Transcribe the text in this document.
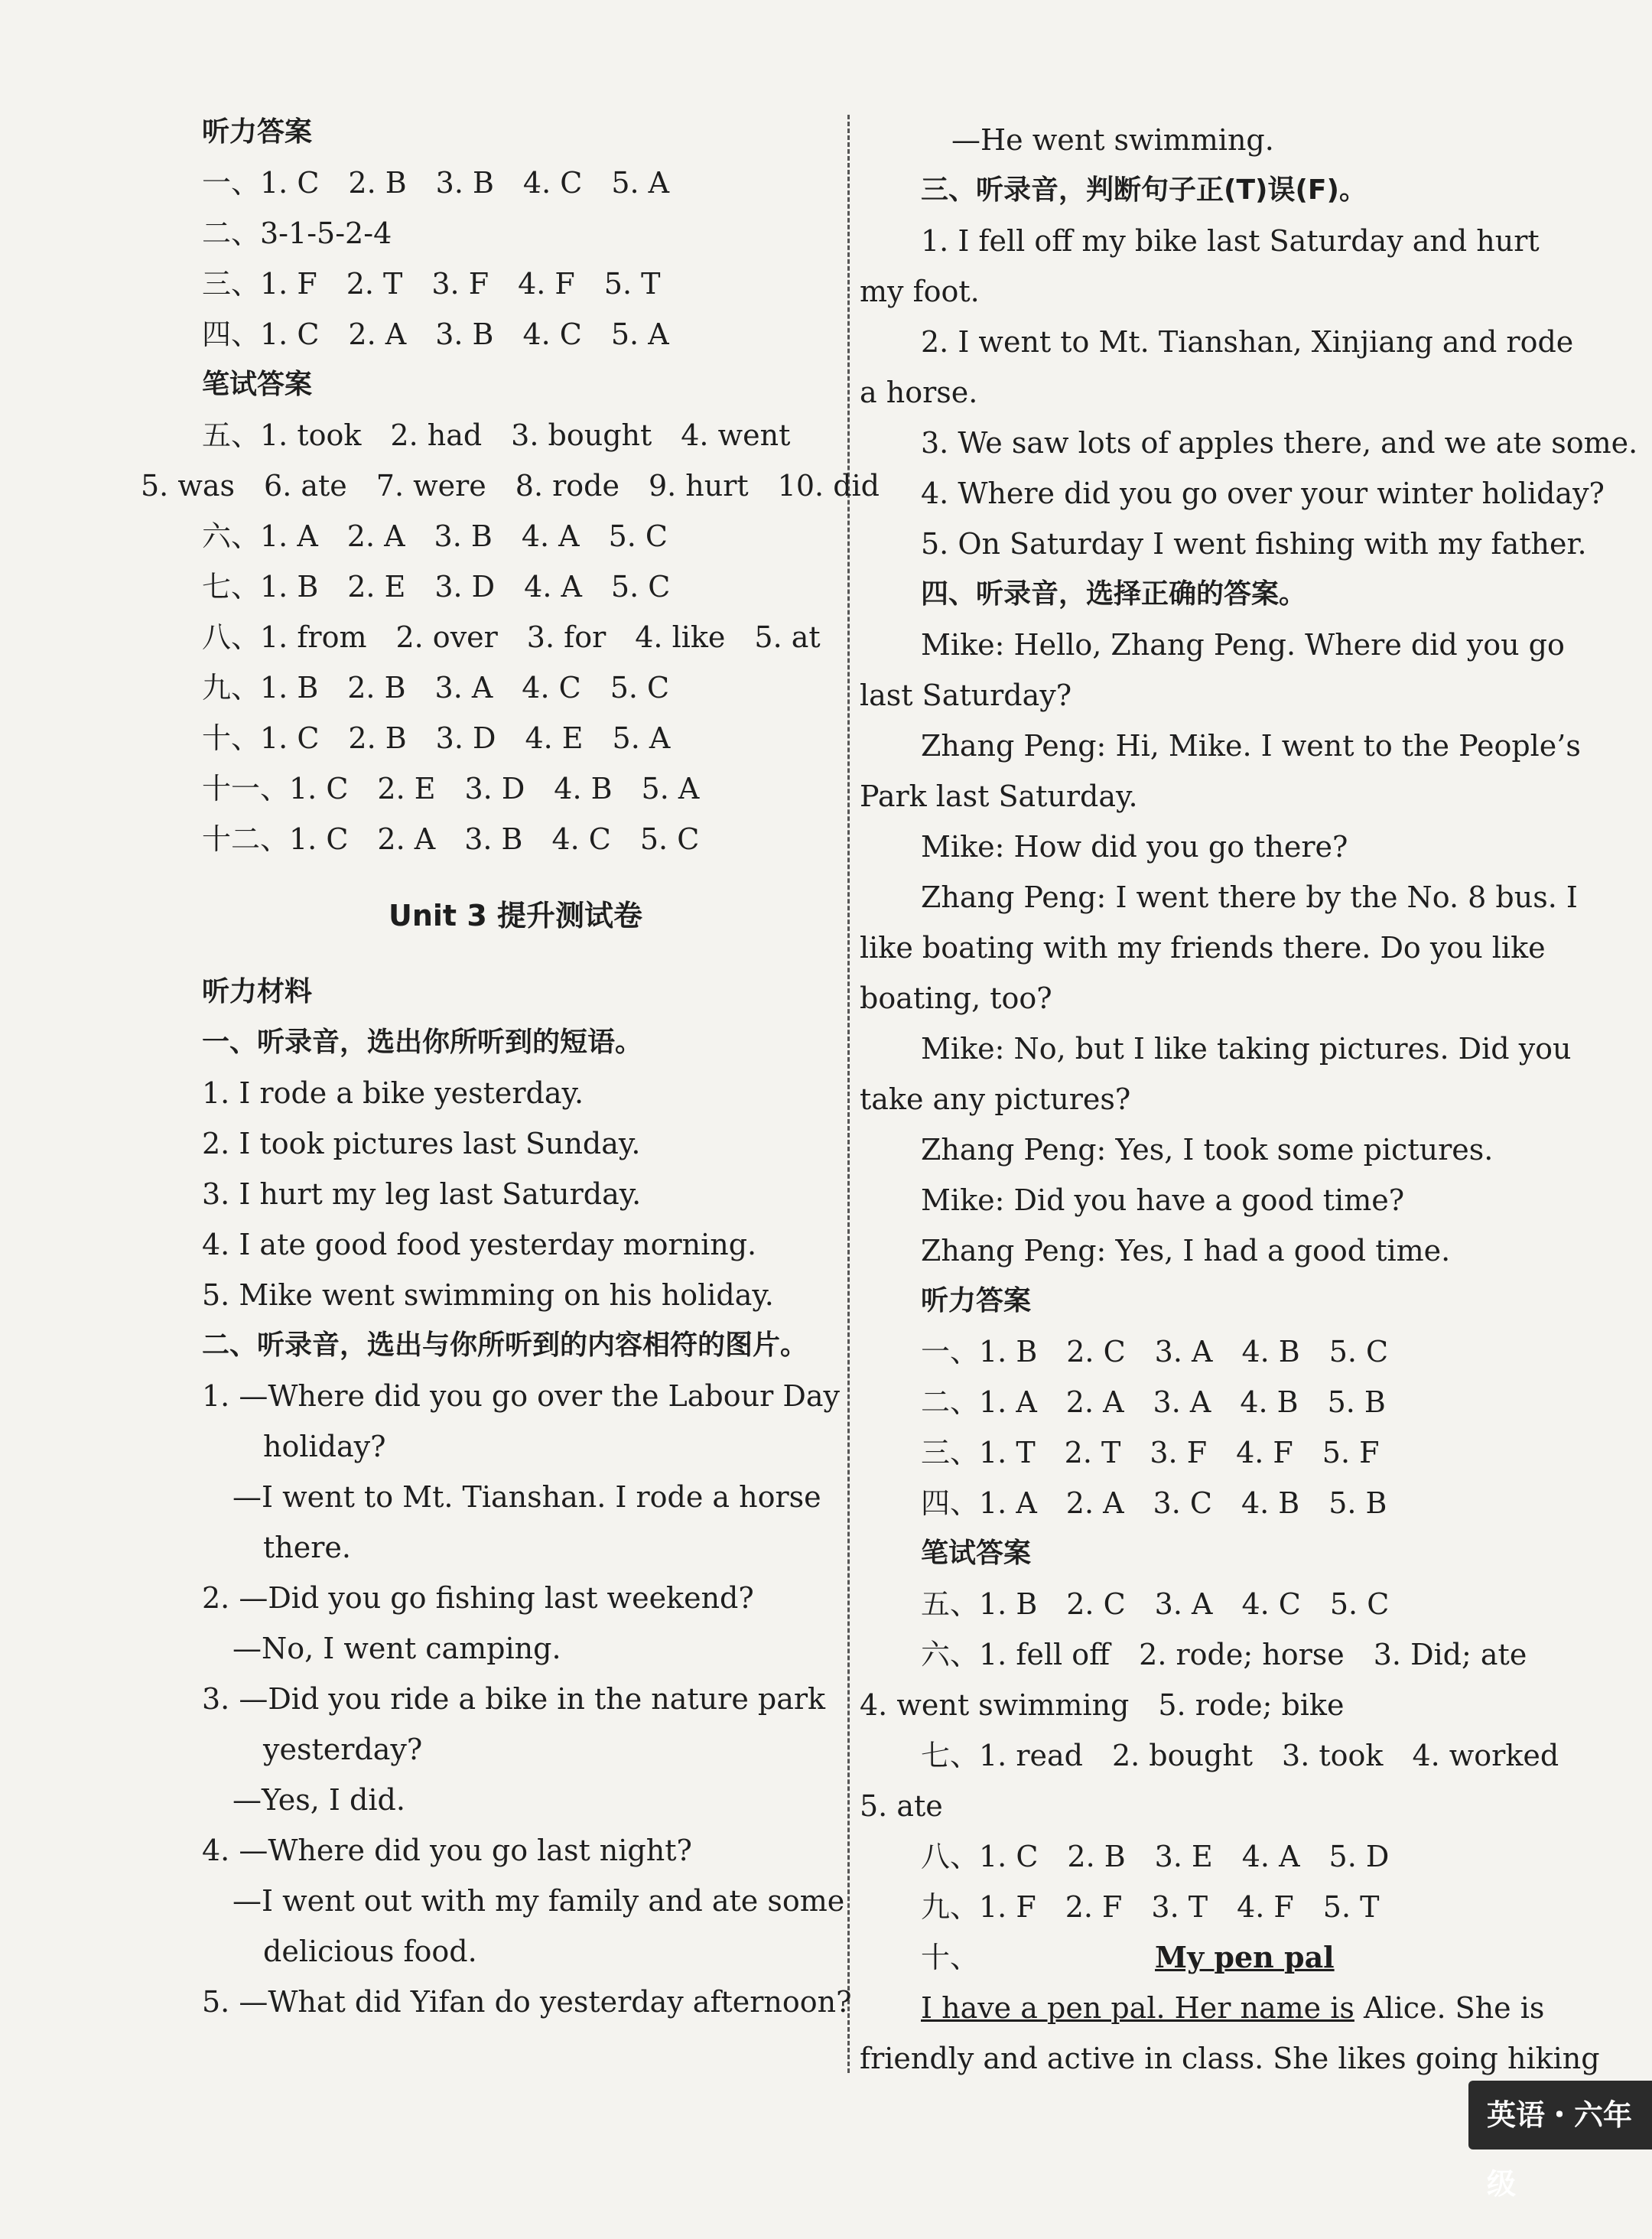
听力答案
一、1. C　2. B　3. B　4. C　5. A
二、3-1-5-2-4
三、1. F　2. T　3. F　4. F　5. T
四、1. C　2. A　3. B　4. C　5. A
笔试答案
五、1. took　2. had　3. bought　4. went
5. was　6. ate　7. were　8. rode　9. hurt　10. did
六、1. A　2. A　3. B　4. A　5. C
七、1. B　2. E　3. D　4. A　5. C
八、1. from　2. over　3. for　4. like　5. at
九、1. B　2. B　3. A　4. C　5. C
十、1. C　2. B　3. D　4. E　5. A
十一、1. C　2. E　3. D　4. B　5. A
十二、1. C　2. A　3. B　4. C　5. C
Unit 3 提升测试卷
听力材料
一、听录音，选出你所听到的短语。
1. I rode a bike yesterday.
2. I took pictures last Sunday.
3. I hurt my leg last Saturday.
4. I ate good food yesterday morning.
5. Mike went swimming on his holiday.
二、听录音，选出与你所听到的内容相符的图片。
1. —Where did you go over the Labour Day
holiday?
—I went to Mt. Tianshan. I rode a horse
there.
2. —Did you go fishing last weekend?
—No, I went camping.
3. —Did you ride a bike in the nature park
yesterday?
—Yes, I did.
4. —Where did you go last night?
—I went out with my family and ate some
delicious food.
5. —What did Yifan do yesterday afternoon?
—He went swimming.
三、听录音，判断句子正(T)误(F)。
1. I fell off my bike last Saturday and hurt
my foot.
2. I went to Mt. Tianshan, Xinjiang and rode
a horse.
3. We saw lots of apples there, and we ate some.
4. Where did you go over your winter holiday?
5. On Saturday I went fishing with my father.
四、听录音，选择正确的答案。
Mike: Hello, Zhang Peng. Where did you go
last Saturday?
Zhang Peng: Hi, Mike. I went to the People’s
Park last Saturday.
Mike: How did you go there?
Zhang Peng: I went there by the No. 8 bus. I
like boating with my friends there. Do you like
boating, too?
Mike: No, but I like taking pictures. Did you
take any pictures?
Zhang Peng: Yes, I took some pictures.
Mike: Did you have a good time?
Zhang Peng: Yes, I had a good time.
听力答案
一、1. B　2. C　3. A　4. B　5. C
二、1. A　2. A　3. A　4. B　5. B
三、1. T　2. T　3. F　4. F　5. F
四、1. A　2. A　3. C　4. B　5. B
笔试答案
五、1. B　2. C　3. A　4. C　5. C
六、1. fell off　2. rode; horse　3. Did; ate
4. went swimming　5. rode; bike
七、1. read　2. bought　3. took　4. worked
5. ate
八、1. C　2. B　3. E　4. A　5. D
九、1. F　2. F　3. T　4. F　5. T
十、	My pen pal
I have a pen pal. Her name is Alice. She is
friendly and active in class. She likes going hiking
英语・六年级
